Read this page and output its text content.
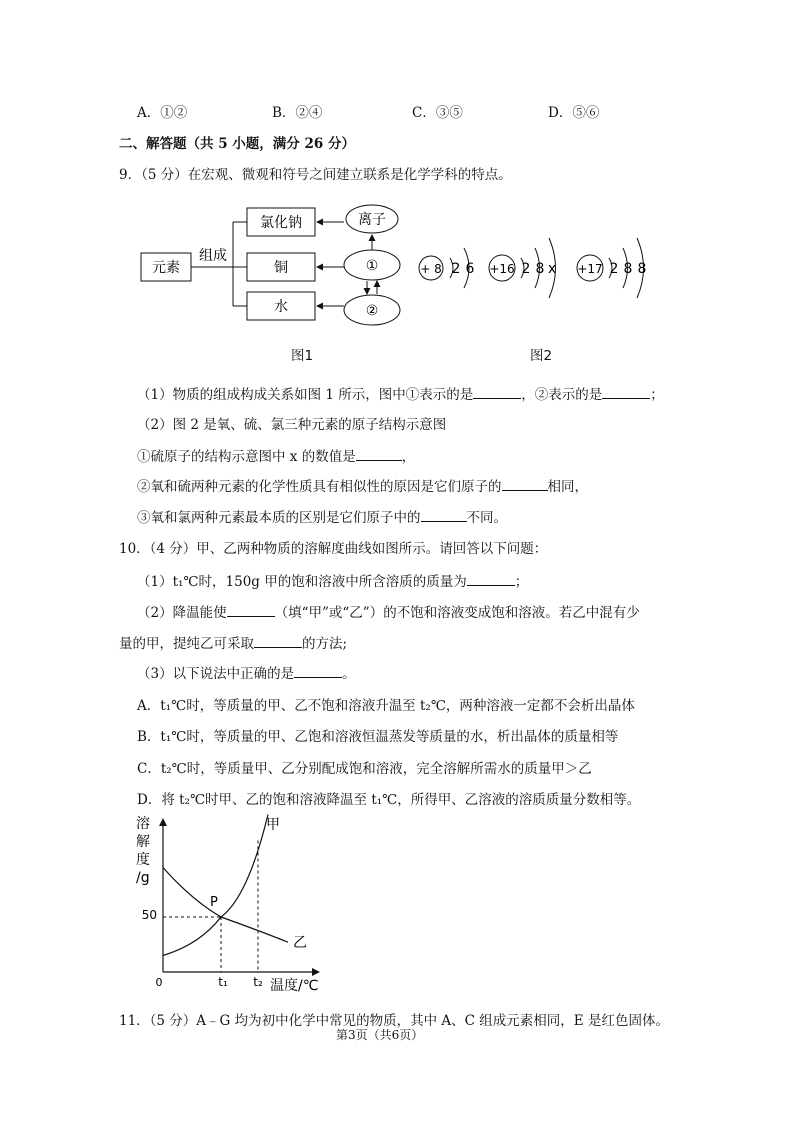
A．①②	B．②④	C．③⑤	D．⑤⑥
二、解答题（共 5 小题，满分 26 分）
9．（5 分）在宏观、微观和符号之间建立联系是化学学科的特点。
元素
组成
氯化钠
铜
水
离子
①
②
图1
+ 8 2 6 +16 2 8 x +17 2 8 8
图2
（1）物质的组成构成关系如图 1 所示，图中①表示的是	，②表示的是	；
（2）图 2 是氧、硫、氯三种元素的原子结构示意图
①硫原子的结构示意图中 x 的数值是	，
②氧和硫两种元素的化学性质具有相似性的原因是它们原子的	相同，
③氧和氯两种元素最本质的区别是它们原子中的	不同。
10．（4 分）甲、乙两种物质的溶解度曲线如图所示。请回答以下问题：
（1）t₁℃时，150g 甲的饱和溶液中所含溶质的质量为	；
（2）降温能使	（填“甲”或“乙”）的不饱和溶液变成饱和溶液。若乙中混有少
量的甲，提纯乙可采取	的方法;
（3）以下说法中正确的是	。
A．t₁℃时，等质量的甲、乙不饱和溶液升温至 t₂℃，两种溶液一定都不会析出晶体
B．t₁℃时，等质量的甲、乙饱和溶液恒温蒸发等质量的水，析出晶体的质量相等
C．t₂℃时，等质量甲、乙分别配成饱和溶液，完全溶解所需水的质量甲＞乙
D．将 t₂℃时甲、乙的饱和溶液降温至 t₁℃，所得甲、乙溶液的溶质质量分数相等。
溶
解
度
/g
温度/℃
0
50
t₁ t₂
P
甲
乙
11．（5 分）A﹣G 均为初中化学中常见的物质，其中 A、C 组成元素相同，E 是红色固体。
第3页（共6页）
